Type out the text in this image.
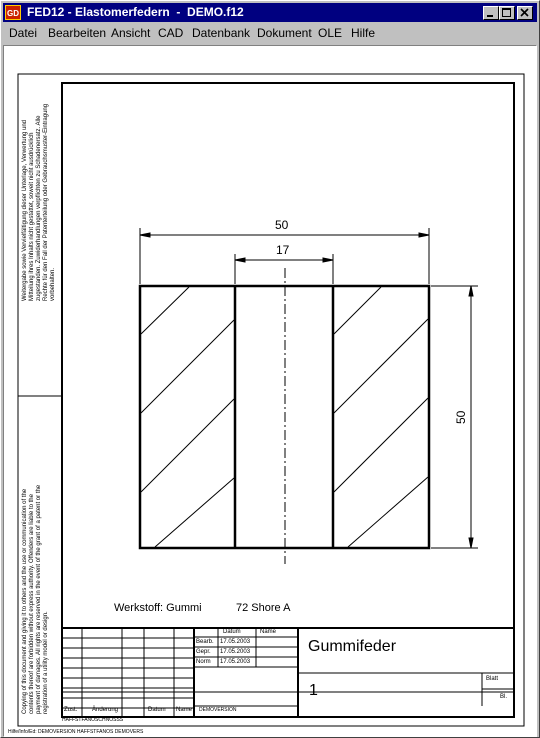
GD FED12 - Elastomerfedern  -  DEMO.f12
Datei Bearbeiten Ansicht CAD Datenbank Dokument OLE Hilfe
Weitergabe sowie Vervielfältigung dieser Unterlage, Verwertung und Mitteilung ihres Inhalts nicht gestattet, soweit nicht ausdrücklich zugestanden. Zuwiderhandlungen verpflichten zu Schadenersatz. Alle Rechte für den Fall der Patenterteilung oder Gebrauchsmuster-Eintragung vorbehalten.
Copying of this document and giving it to others and the use or communication of the contents thereof are forbidden without express authority. Offenders are liable to the payment of damages. All rights are reserved in the event of the grant of a patent or the registration of a utility model or design.
50
17
50
Werkstoff: Gummi	72 Shore A
Datum	Name
Bearb. 17.05.2003
Gepr. 17.05.2003
Norm 17.05.2003
Gummifeder
1
Blatt
Bl.
Zust. Änderung	Datum Name DEMOVERSION
HAFFSTFANOSCHNOSSS
Hilfe/Info/Ed: DEMOVERSION HAFFSTFANOS DEMOVERS
